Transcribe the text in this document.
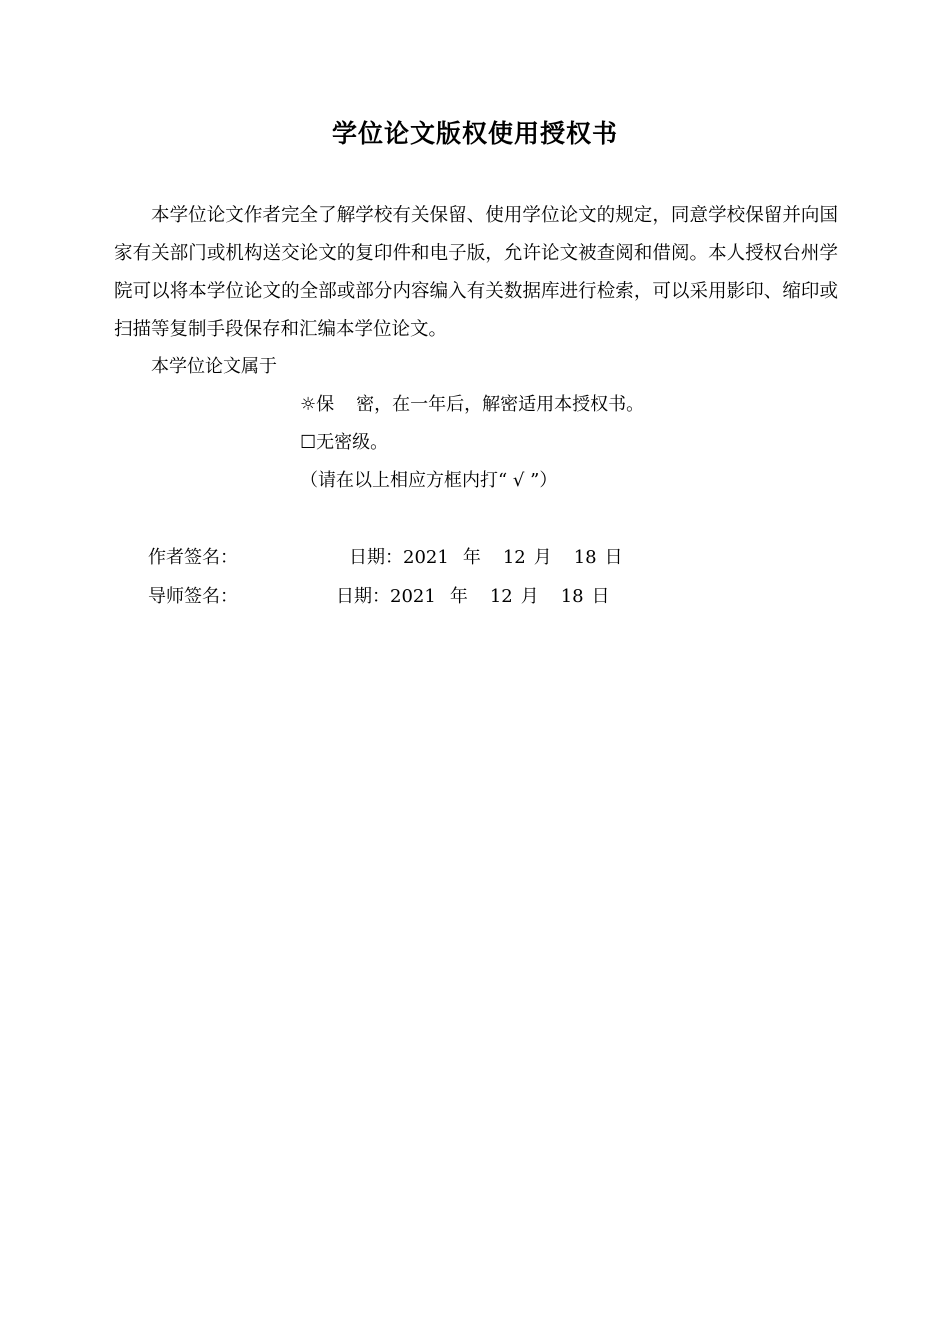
学位论文版权使用授权书
本学位论文作者完全了解学校有关保留、使用学位论文的规定，同意学校保留并向国家有关部门或机构送交论文的复印件和电子版，允许论文被查阅和借阅。本人授权台州学院可以将本学位论文的全部或部分内容编入有关数据库进行检索，可以采用影印、缩印或扫描等复制手段保存和汇编本学位论文。
本学位论文属于
☼保 密，在一年后，解密适用本授权书。
☐无密级。
（请在以上相应方框内打“ √ ”）
作者签名：	日期：2021 年 12 月 18 日
导师签名：	日期：2021 年 12 月 18 日
